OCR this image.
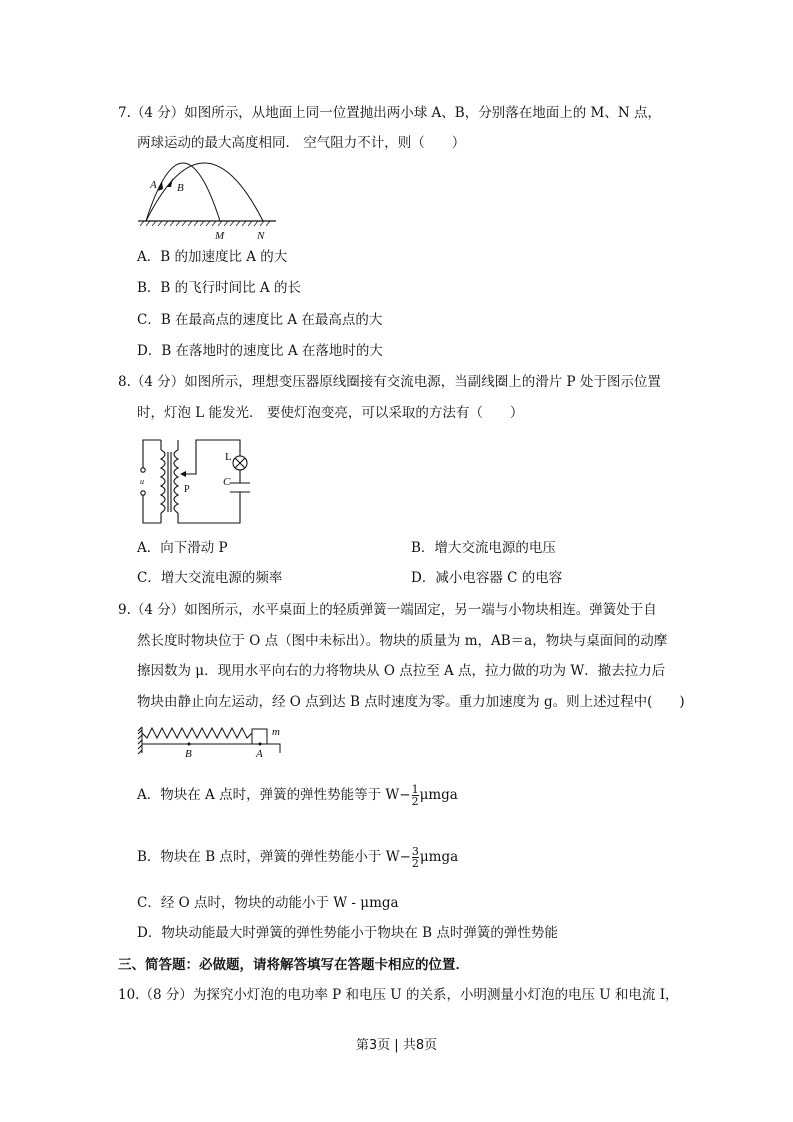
7.（4 分）如图所示，从地面上同一位置抛出两小球 A、B，分别落在地面上的 M、N 点，
两球运动的最大高度相同． 空气阻力不计，则（　　）
A B
M	N
L
C
P
u
m
B	A
A．B 的加速度比 A 的大
B．B 的飞行时间比 A 的长
C．B 在最高点的速度比 A 在最高点的大
D．B 在落地时的速度比 A 在落地时的大
8.（4 分）如图所示，理想变压器原线圈接有交流电源，当副线圈上的滑片 P 处于图示位置
时，灯泡 L 能发光． 要使灯泡变亮，可以采取的方法有（　　）
A．向下滑动 P	B．增大交流电源的电压
C．增大交流电源的频率	D．减小电容器 C 的电容
9.（4 分）如图所示，水平桌面上的轻质弹簧一端固定，另一端与小物块相连。弹簧处于自
然长度时物块位于 O 点（图中未标出）。物块的质量为 m，AB＝a，物块与桌面间的动摩
擦因数为 μ．现用水平向右的力将物块从 O 点拉至 A 点，拉力做的功为 W．撤去拉力后
物块由静止向左运动，经 O 点到达 B 点时速度为零。重力加速度为 g。则上述过程中(　　)
A．物块在 A 点时，弹簧的弹性势能等于 $W- \frac{1}{2}$ μmga
B．物块在 B 点时，弹簧的弹性势能小于 $W- \frac{3}{2}$ μmga
C．经 O 点时，物块的动能小于 W - μmga
D．物块动能最大时弹簧的弹性势能小于物块在 B 点时弹簧的弹性势能
三、简答题：必做题，请将解答填写在答题卡相应的位置．
10.（8 分）为探究小灯泡的电功率 P 和电压 U 的关系，小明测量小灯泡的电压 U 和电流 I，
第3页 | 共8页
